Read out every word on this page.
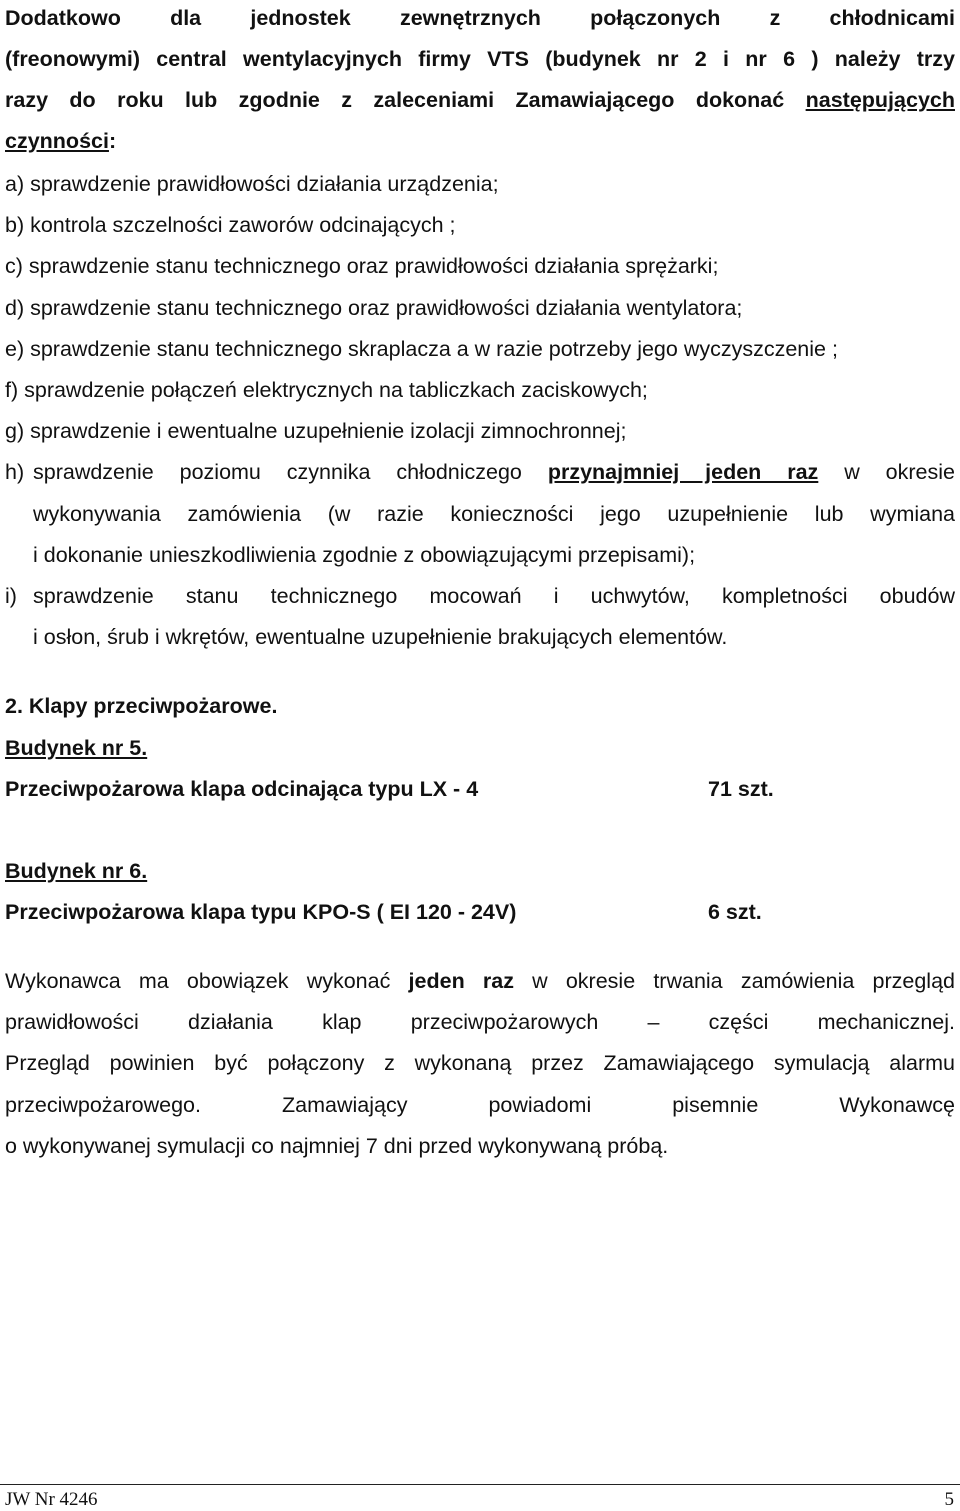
Dodatkowo dla jednostek zewnętrznych połączonych z chłodnicami
(freonowymi) central wentylacyjnych firmy VTS (budynek nr 2 i nr 6 ) należy trzy
razy do roku lub zgodnie z zaleceniami Zamawiającego dokonać następujących
czynności:
a) sprawdzenie prawidłowości działania urządzenia;
b) kontrola szczelności zaworów odcinających ;
c) sprawdzenie stanu technicznego oraz prawidłowości działania sprężarki;
d) sprawdzenie stanu technicznego oraz prawidłowości działania wentylatora;
e) sprawdzenie stanu technicznego skraplacza a w razie potrzeby jego wyczyszczenie ;
f) sprawdzenie połączeń elektrycznych na tabliczkach zaciskowych;
g) sprawdzenie i ewentualne uzupełnienie izolacji zimnochronnej;
h) sprawdzenie poziomu czynnika chłodniczego przynajmniej jeden raz w okresie
wykonywania zamówienia (w razie konieczności jego uzupełnienie lub wymiana
i dokonanie unieszkodliwienia zgodnie z obowiązującymi przepisami);
i) sprawdzenie stanu technicznego mocowań i uchwytów, kompletności obudów
i osłon, śrub i wkrętów, ewentualne uzupełnienie brakujących elementów.
2. Klapy przeciwpożarowe.
Budynek nr 5.
Przeciwpożarowa klapa odcinająca typu LX - 4	71 szt.
Budynek nr 6.
Przeciwpożarowa klapa typu KPO-S ( EI 120 - 24V)	6 szt.
Wykonawca ma obowiązek wykonać jeden raz w okresie trwania zamówienia przegląd
prawidłowości działania klap przeciwpożarowych – części mechanicznej.
Przegląd powinien być połączony z wykonaną przez Zamawiającego symulacją alarmu
przeciwpożarowego. Zamawiający powiadomi pisemnie Wykonawcę
o wykonywanej symulacji co najmniej 7 dni przed wykonywaną próbą.
JW Nr 4246	5
